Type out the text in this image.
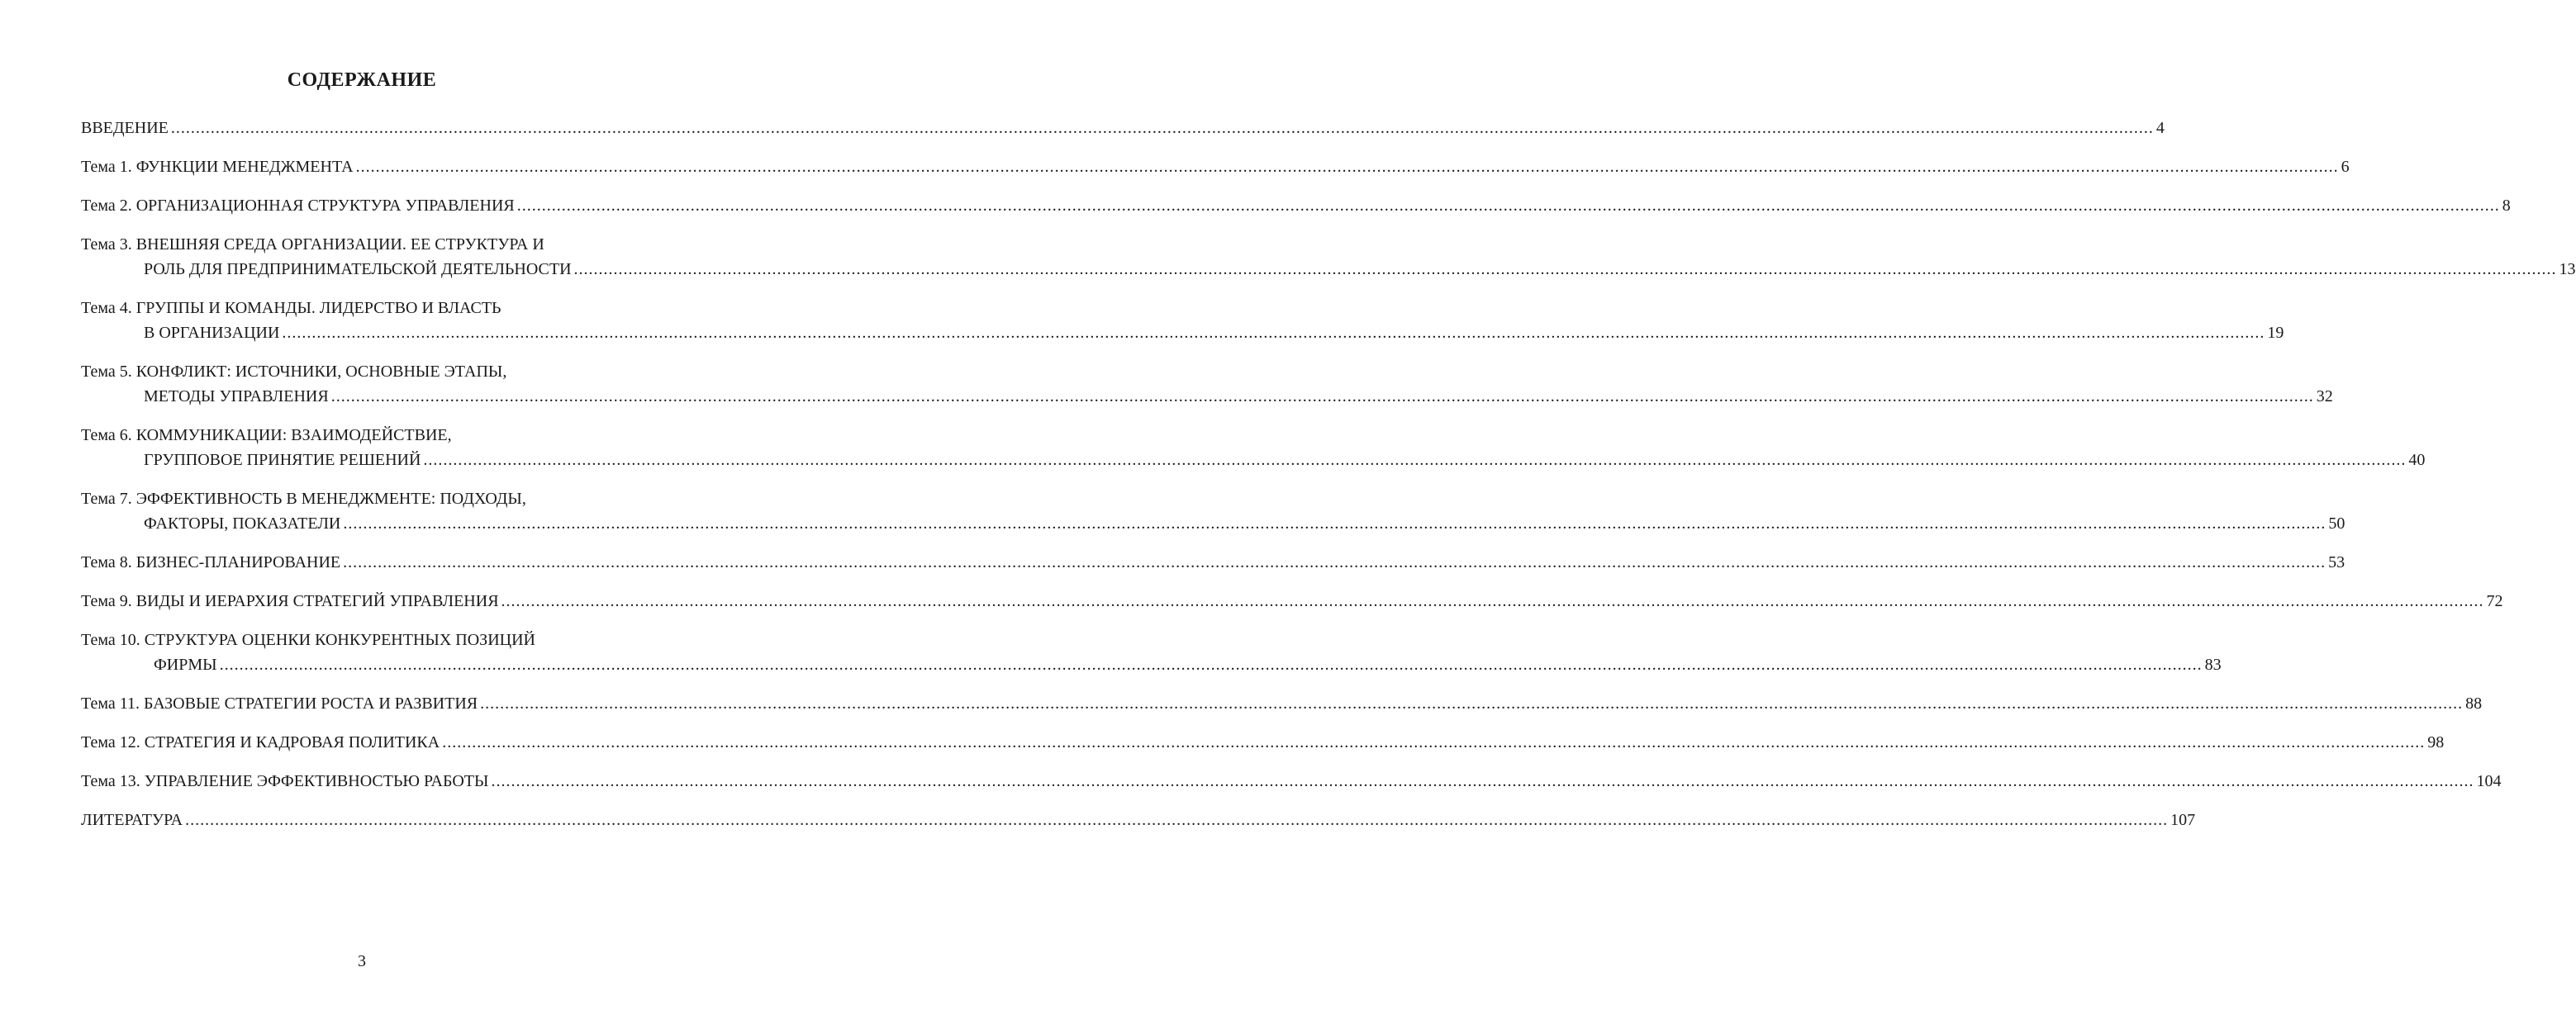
СОДЕРЖАНИЕ
ВВЕДЕНИЕ ................................................................................................................................................................................................................................................................................................................................................................................................................ 4
Тема 1. ФУНКЦИИ МЕНЕДЖМЕНТА ................................................................................................................................................................................................................................................................................................................................................................................................................ 6
Тема 2. ОРГАНИЗАЦИОННАЯ СТРУКТУРА УПРАВЛЕНИЯ ................................................................................................................................................................................................................................................................................................................................................................................................................ 8
Тема 3. ВНЕШНЯЯ СРЕДА ОРГАНИЗАЦИИ. ЕЕ СТРУКТУРА И
РОЛЬ ДЛЯ ПРЕДПРИНИМАТЕЛЬСКОЙ ДЕЯТЕЛЬНОСТИ ................................................................................................................................................................................................................................................................................................................................................................................................................ 13
Тема 4. ГРУППЫ И КОМАНДЫ. ЛИДЕРСТВО И ВЛАСТЬ
В ОРГАНИЗАЦИИ ................................................................................................................................................................................................................................................................................................................................................................................................................ 19
Тема 5. КОНФЛИКТ: ИСТОЧНИКИ, ОСНОВНЫЕ ЭТАПЫ,
МЕТОДЫ УПРАВЛЕНИЯ ................................................................................................................................................................................................................................................................................................................................................................................................................ 32
Тема 6. КОММУНИКАЦИИ: ВЗАИМОДЕЙСТВИЕ,
ГРУППОВОЕ ПРИНЯТИЕ РЕШЕНИЙ ................................................................................................................................................................................................................................................................................................................................................................................................................ 40
Тема 7. ЭФФЕКТИВНОСТЬ В МЕНЕДЖМЕНТЕ: ПОДХОДЫ,
ФАКТОРЫ, ПОКАЗАТЕЛИ ................................................................................................................................................................................................................................................................................................................................................................................................................ 50
Тема 8. БИЗНЕС-ПЛАНИРОВАНИЕ ................................................................................................................................................................................................................................................................................................................................................................................................................ 53
Тема 9. ВИДЫ И ИЕРАРХИЯ СТРАТЕГИЙ УПРАВЛЕНИЯ ................................................................................................................................................................................................................................................................................................................................................................................................................ 72
Тема 10. СТРУКТУРА ОЦЕНКИ КОНКУРЕНТНЫХ ПОЗИЦИЙ
ФИРМЫ ................................................................................................................................................................................................................................................................................................................................................................................................................ 83
Тема 11. БАЗОВЫЕ СТРАТЕГИИ РОСТА И РАЗВИТИЯ ................................................................................................................................................................................................................................................................................................................................................................................................................ 88
Тема 12. СТРАТЕГИЯ И КАДРОВАЯ ПОЛИТИКА ................................................................................................................................................................................................................................................................................................................................................................................................................ 98
Тема 13. УПРАВЛЕНИЕ ЭФФЕКТИВНОСТЬЮ РАБОТЫ ................................................................................................................................................................................................................................................................................................................................................................................................................ 104
ЛИТЕРАТУРА ................................................................................................................................................................................................................................................................................................................................................................................................................ 107
3
